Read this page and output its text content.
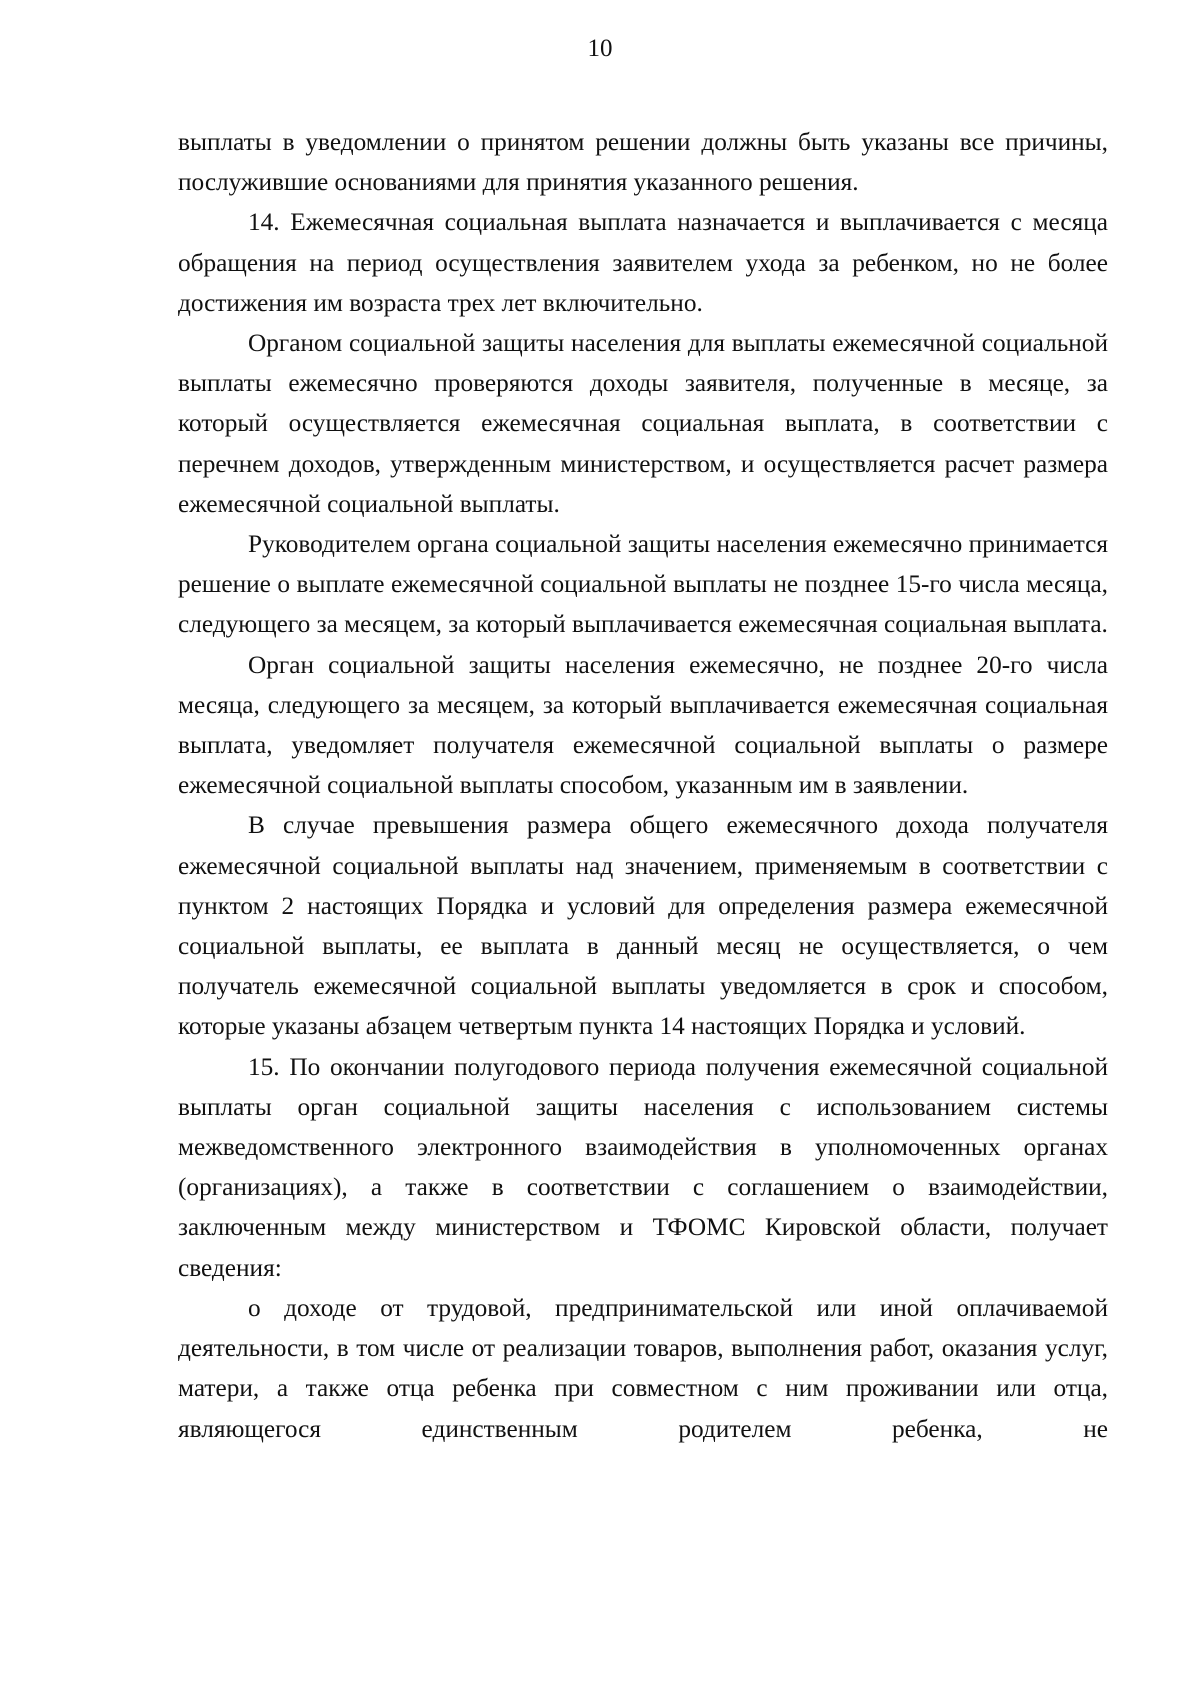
10

выплаты в уведомлении о принятом решении должны быть указаны все причины, послужившие основаниями для принятия указанного решения.

14. Ежемесячная социальная выплата назначается и выплачивается с месяца обращения на период осуществления заявителем ухода за ребенком, но не более достижения им возраста трех лет включительно.

Органом социальной защиты населения для выплаты ежемесячной социальной выплаты ежемесячно проверяются доходы заявителя, полученные в месяце, за который осуществляется ежемесячная социальная выплата, в соответствии с перечнем доходов, утвержденным министерством, и осуществляется расчет размера ежемесячной социальной выплаты.

Руководителем органа социальной защиты населения ежемесячно принимается решение о выплате ежемесячной социальной выплаты не позднее 15-го числа месяца, следующего за месяцем, за который выплачивается ежемесячная социальная выплата.

Орган социальной защиты населения ежемесячно, не позднее 20-го числа месяца, следующего за месяцем, за который выплачивается ежемесячная социальная выплата, уведомляет получателя ежемесячной социальной выплаты о размере ежемесячной социальной выплаты способом, указанным им в заявлении.

В случае превышения размера общего ежемесячного дохода получателя ежемесячной социальной выплаты над значением, применяемым в соответствии с пунктом 2 настоящих Порядка и условий для определения размера ежемесячной социальной выплаты, ее выплата в данный месяц не осуществляется, о чем получатель ежемесячной социальной выплаты уведомляется в срок и способом, которые указаны абзацем четвертым пункта 14 настоящих Порядка и условий.

15. По окончании полугодового периода получения ежемесячной социальной выплаты орган социальной защиты населения с использованием системы межведомственного электронного взаимодействия в уполномоченных органах (организациях), а также в соответствии с соглашением о взаимодействии, заключенным между министерством и ТФОМС Кировской области, получает сведения:

о доходе от трудовой, предпринимательской или иной оплачиваемой деятельности, в том числе от реализации товаров, выполнения работ, оказания услуг, матери, а также отца ребенка при совместном с ним проживании или отца, являющегося единственным родителем ребенка, не
